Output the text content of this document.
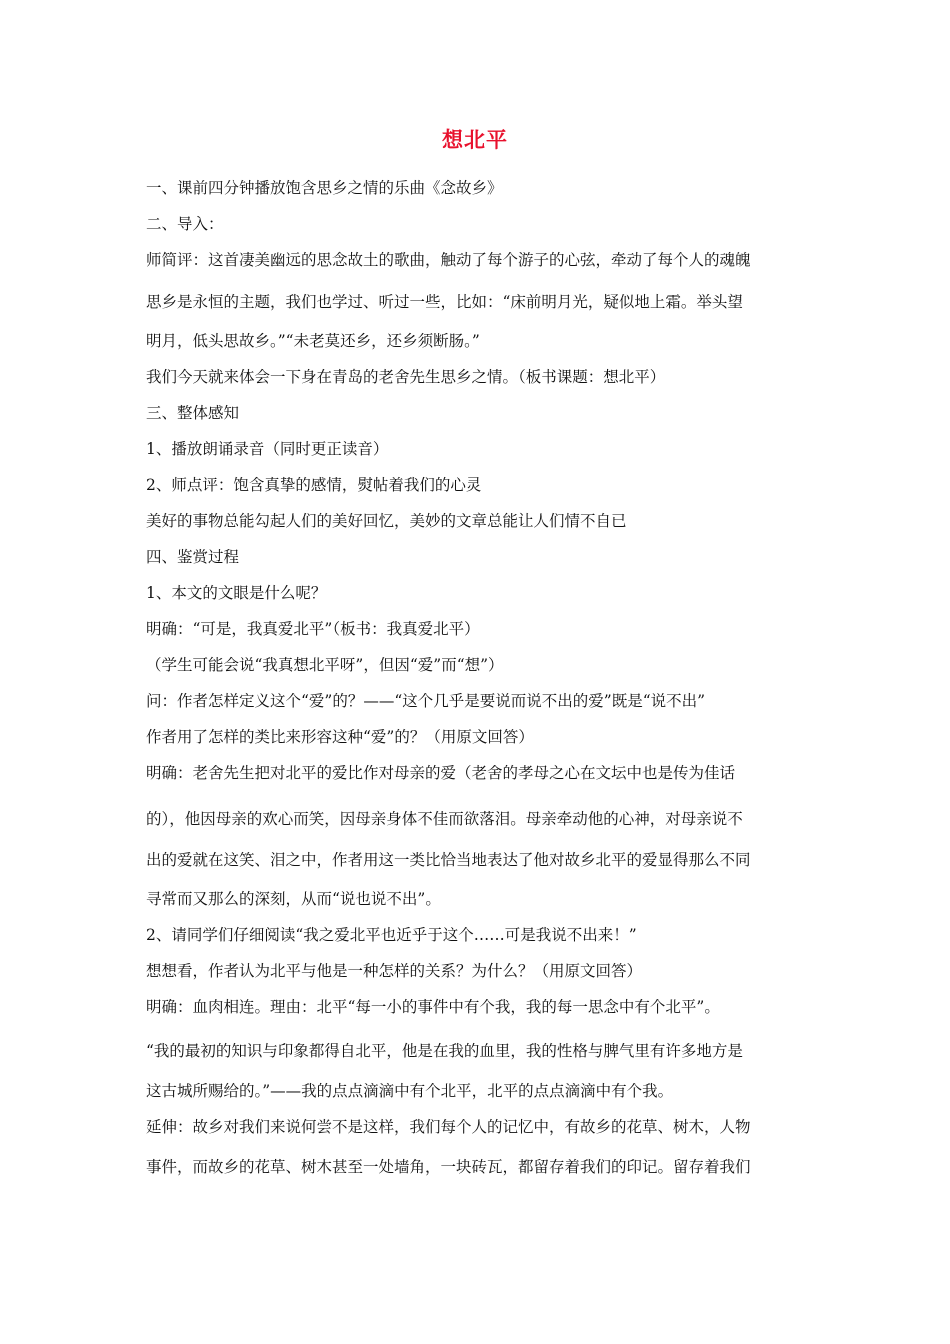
想北平

一、课前四分钟播放饱含思乡之情的乐曲《念故乡》

二、导入：

师简评：这首凄美幽远的思念故土的歌曲，触动了每个游子的心弦，牵动了每个人的魂魄

思乡是永恒的主题，我们也学过、听过一些，比如：“床前明月光，疑似地上霜。举头望

明月，低头思故乡。”“未老莫还乡，还乡须断肠。”

我们今天就来体会一下身在青岛的老舍先生思乡之情。（板书课题：想北平）

三、整体感知

1、播放朗诵录音（同时更正读音）

2、师点评：饱含真挚的感情，熨帖着我们的心灵

美好的事物总能勾起人们的美好回忆，美妙的文章总能让人们情不自已

四、鉴赏过程

1、本文的文眼是什么呢？

明确：“可是，我真爱北平”（板书：我真爱北平）

（学生可能会说“我真想北平呀”，但因“爱”而“想”）

问：作者怎样定义这个“爱”的？——“这个几乎是要说而说不出的爱”既是“说不出”

作者用了怎样的类比来形容这种“爱”的？（用原文回答）

明确：老舍先生把对北平的爱比作对母亲的爱（老舍的孝母之心在文坛中也是传为佳话

的），他因母亲的欢心而笑，因母亲身体不佳而欲落泪。母亲牵动他的心神，对母亲说不

出的爱就在这笑、泪之中，作者用这一类比恰当地表达了他对故乡北平的爱显得那么不同

寻常而又那么的深刻，从而“说也说不出”。

2、请同学们仔细阅读“我之爱北平也近乎于这个……可是我说不出来！”

想想看，作者认为北平与他是一种怎样的关系？为什么？（用原文回答）

明确：血肉相连。理由：北平“每一小的事件中有个我，我的每一思念中有个北平”。

“我的最初的知识与印象都得自北平，他是在我的血里，我的性格与脾气里有许多地方是

这古城所赐给的。”——我的点点滴滴中有个北平，北平的点点滴滴中有个我。

延伸：故乡对我们来说何尝不是这样，我们每个人的记忆中，有故乡的花草、树木，人物

事件，而故乡的花草、树木甚至一处墙角，一块砖瓦，都留存着我们的印记。留存着我们
